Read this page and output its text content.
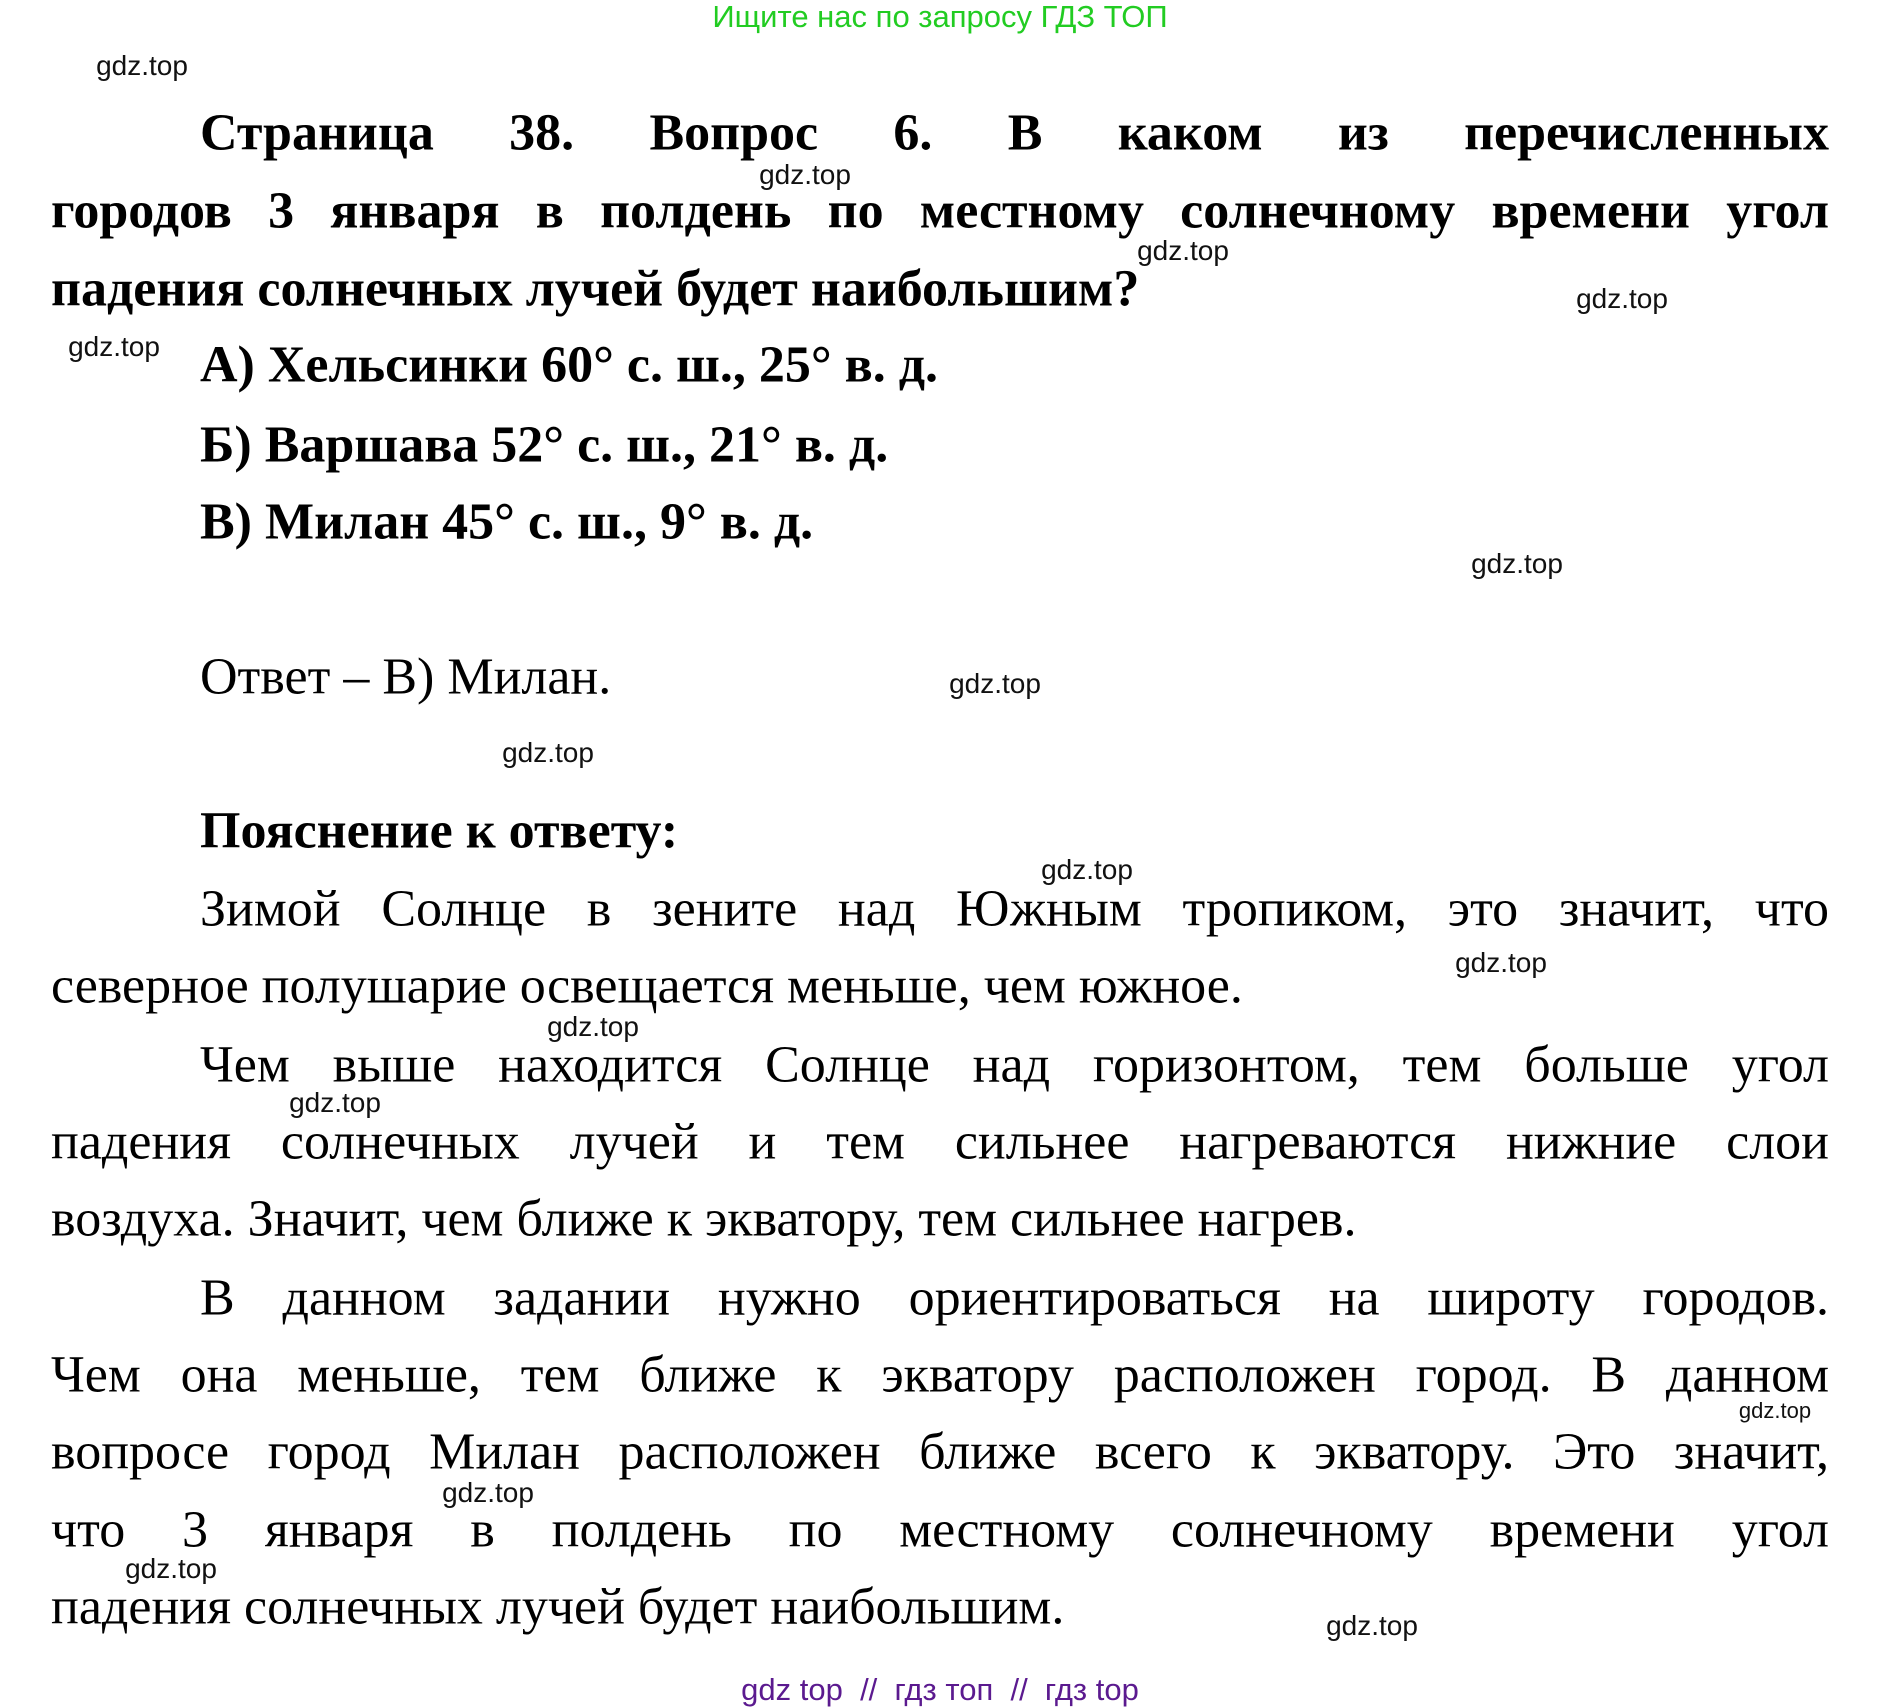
Ищите нас по запросу ГДЗ ТОП
Страница 38. Вопрос 6. В каком из перечисленных
городов 3 января в полдень по местному солнечному времени угол
падения солнечных лучей будет наибольшим?
А) Хельсинки 60° с. ш., 25° в. д.
Б) Варшава 52° с. ш., 21° в. д.
В) Милан 45° с. ш., 9° в. д.
Ответ – В) Милан.
Пояснение к ответу:
Зимой Солнце в зените над Южным тропиком, это значит, что
северное полушарие освещается меньше, чем южное.
Чем выше находится Солнце над горизонтом, тем больше угол
падения солнечных лучей и тем сильнее нагреваются нижние слои
воздуха. Значит, чем ближе к экватору, тем сильнее нагрев.
В данном задании нужно ориентироваться на широту городов.
Чем она меньше, тем ближе к экватору расположен город. В данном
вопросе город Милан расположен ближе всего к экватору. Это значит,
что 3 января в полдень по местному солнечному времени угол
падения солнечных лучей будет наибольшим.
gdz.top
gdz.top
gdz.top
gdz.top
gdz.top
gdz.top
gdz.top
gdz.top
gdz.top
gdz.top
gdz.top
gdz.top
gdz.top
gdz.top
gdz.top
gdz.top
gdz top  //  гдз топ  //  гдз top
